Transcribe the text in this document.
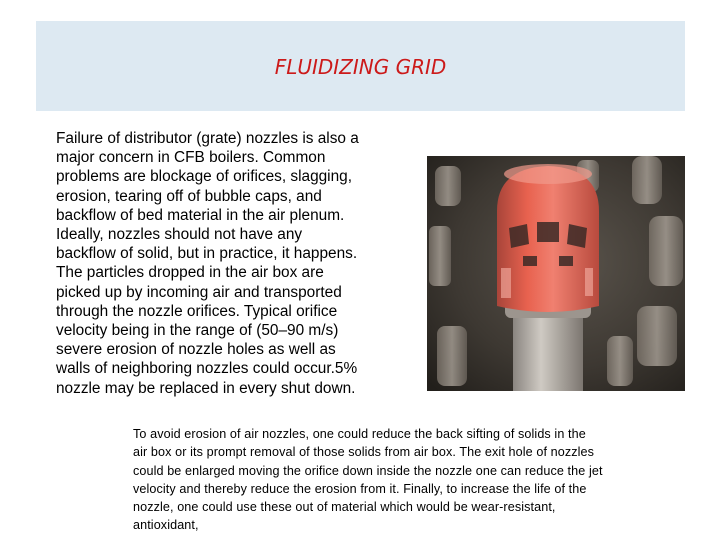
FLUIDIZING GRID

Failure of distributor (grate) nozzles is also a
major concern in CFB boilers. Common
problems are blockage of orifices, slagging,
erosion, tearing off of bubble caps, and
backflow of bed material in the air plenum.
Ideally, nozzles should not have any
backflow of solid, but in practice, it happens.
The particles dropped in the air box are
picked up by incoming air and transported
through the nozzle orifices. Typical orifice
velocity being in the range of (50–90 m/s)
severe erosion of nozzle holes as well as
walls of neighboring nozzles could occur.5%
nozzle may be replaced in every shut down.

To avoid erosion of air nozzles, one could reduce the back sifting of solids in the
air box or its prompt removal of those solids from air box. The exit hole of nozzles
could be enlarged moving the orifice down inside the nozzle one can reduce the jet
velocity and thereby reduce the erosion from it. Finally, to increase the life of the
nozzle, one could use these out of material which would be wear-resistant,
antioxidant,
